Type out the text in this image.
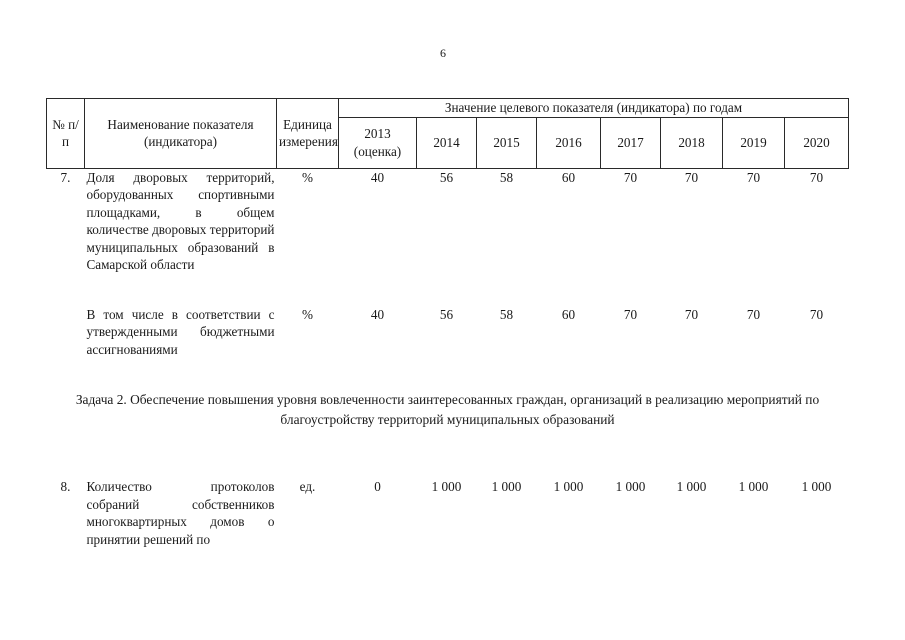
6
№ п/п	Наименование показателя (индикатора)	Единица измерения	Значение целевого показателя (индикатора) по годам							
			2013 (оценка)	2014	2015	2016	2017	2018	2019	2020
7.	Доля дворовых территорий, оборудованных спортивными площадками, в общем количестве дворовых территорий муниципальных образований в Самарской области	%	40	56	58	60	70	70	70	70

	В том числе в соответствии с утвержденными бюджетными ассигнованиями	%	40	56	58	60	70	70	70	70

Задача 2. Обеспечение повышения уровня вовлеченности заинтересованных граждан, организаций в реализацию мероприятий по благоустройству территорий муниципальных образований										

8.	Количество протоколов собраний собственников многоквартирных домов о принятии решений по	ед.	0	1 000	1 000	1 000	1 000	1 000	1 000	1 000
